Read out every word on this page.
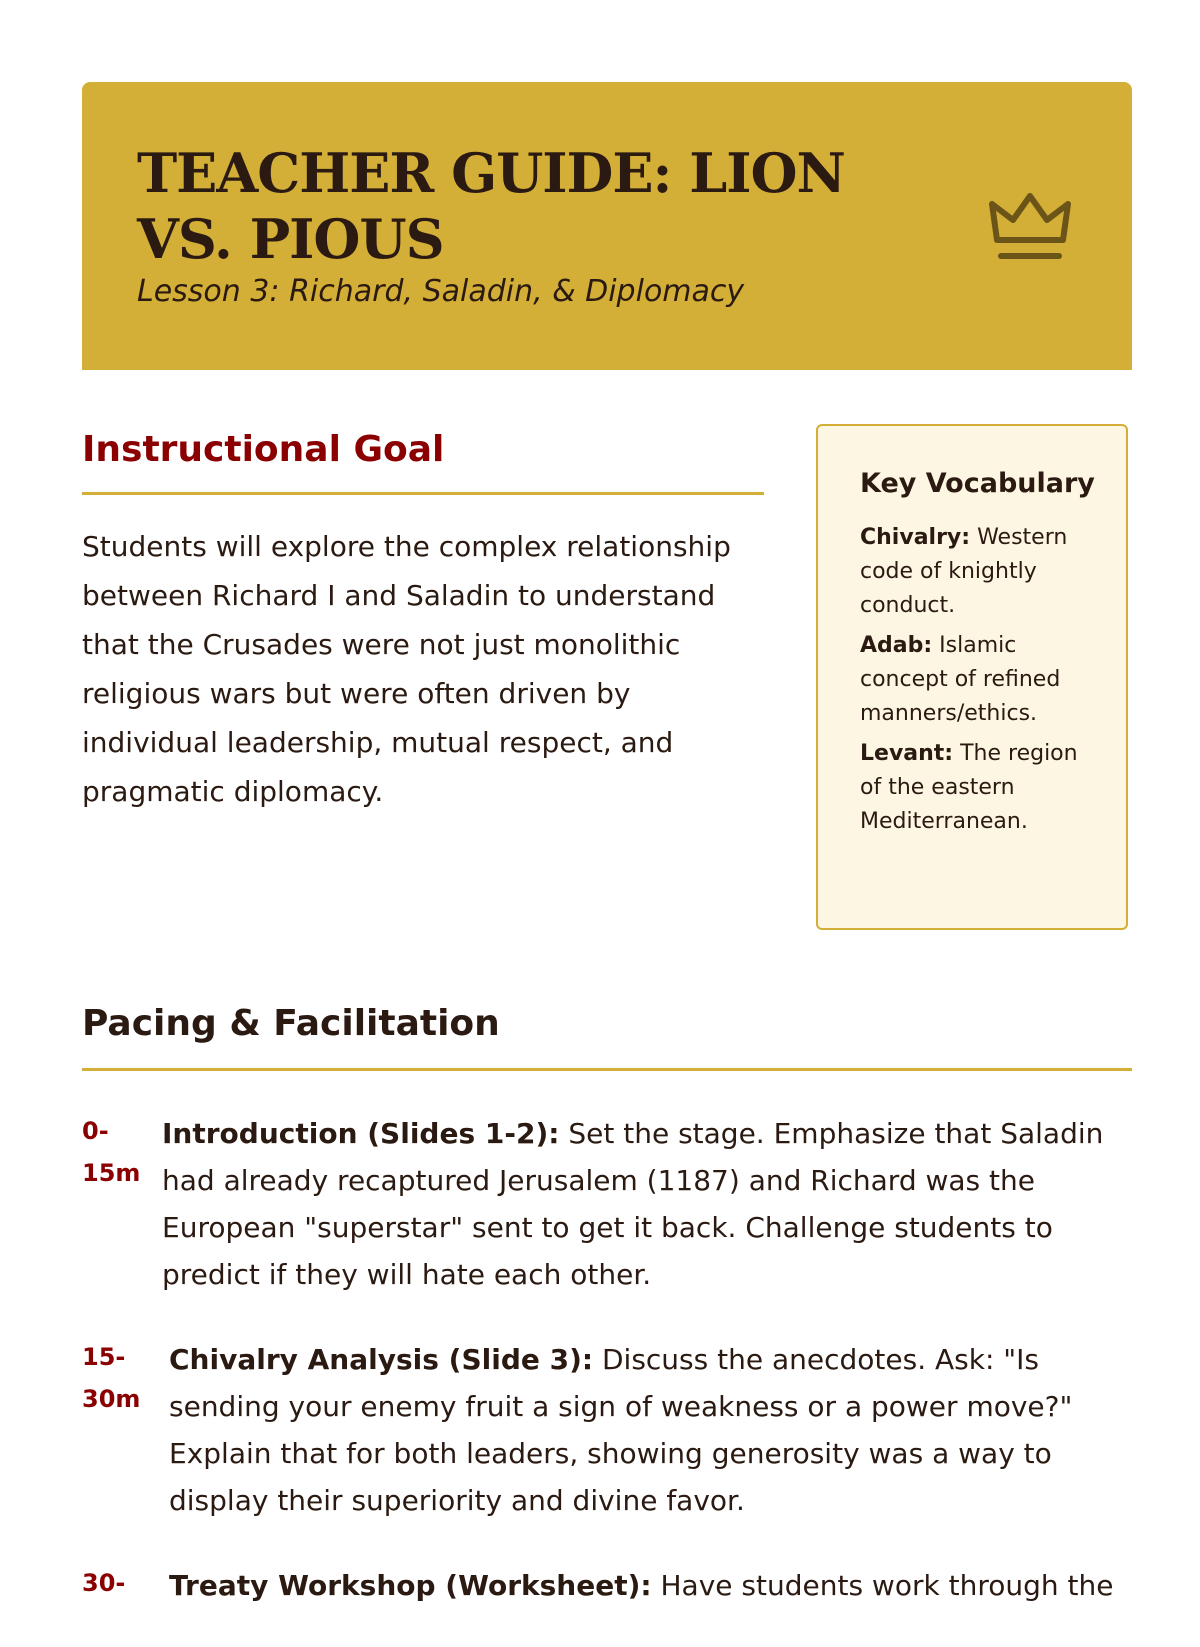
TEACHER GUIDE: LION VS. PIOUS

Lesson 3: Richard, Saladin, & Diplomacy

Instructional Goal

Students will explore the complex relationship between Richard I and Saladin to understand that the Crusades were not just monolithic religious wars but were often driven by individual leadership, mutual respect, and pragmatic diplomacy.

Key Vocabulary

Chivalry: Western code of knightly conduct.

Adab: Islamic concept of refined manners/ethics.

Levant: The region of the eastern Mediterranean.

Pacing & Facilitation
0-
15m
Introduction (Slides 1-2): Set the stage. Emphasize that Saladin had already recaptured Jerusalem (1187) and Richard was the European "superstar" sent to get it back. Challenge students to predict if they will hate each other.
15-
30m
Chivalry Analysis (Slide 3): Discuss the anecdotes. Ask: "Is sending your enemy fruit a sign of weakness or a power move?" Explain that for both leaders, showing generosity was a way to display their superiority and divine favor.
30-	Treaty Workshop (Worksheet): Have students work through the
